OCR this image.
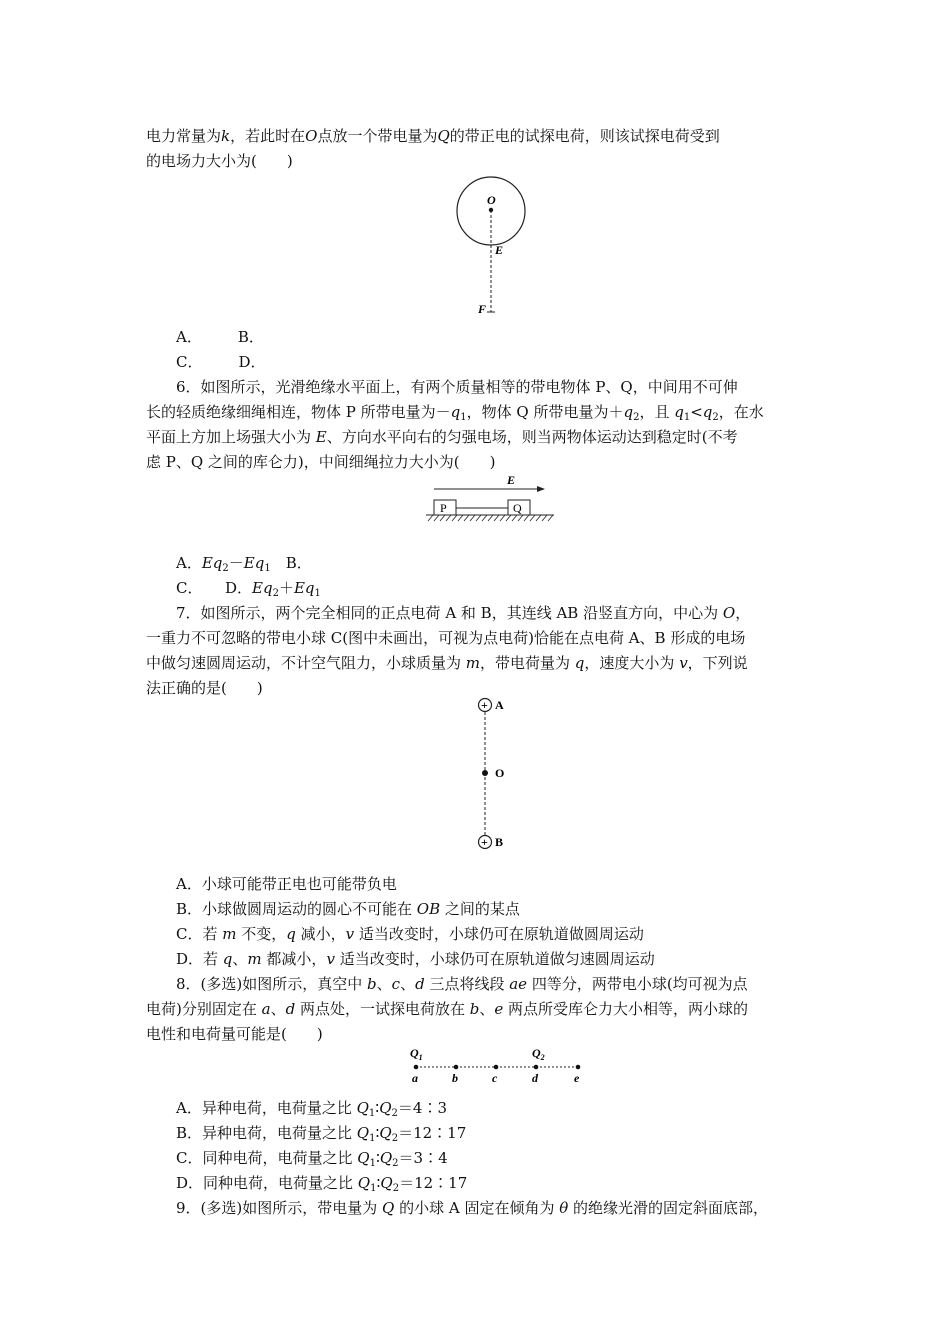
电力常量为k，若此时在O点放一个带电量为Q的带正电的试探电荷，则该试探电荷受到
的电场力大小为(　　)
O
E
F
A． B．
C． D．
6．如图所示，光滑绝缘水平面上，有两个质量相等的带电物体 P、Q，中间用不可伸
长的轻质绝缘细绳相连，物体 P 所带电量为$-q_1$，物体 Q 所带电量为$+q_2$，且 $q_1<q_2$，在水
平面上方加上场强大小为 E、方向水平向右的匀强电场，则当两物体运动达到稳定时(不考
虑 P、Q 之间的库仑力)，中间细绳拉力大小为(　　)
E
P	Q
A．$Eq_2-Eq_1$　B．
C．　　D．$Eq_2+Eq_1$
7．如图所示，两个完全相同的正点电荷 A 和 B，其连线 AB 沿竖直方向，中心为 O，
一重力不可忽略的带电小球 C(图中未画出，可视为点电荷)恰能在点电荷 A、B 形成的电场
中做匀速圆周运动，不计空气阻力，小球质量为 m，带电荷量为 q，速度大小为 v，下列说
法正确的是(　　)
+ A
O
+ B
A．小球可能带正电也可能带负电
B．小球做圆周运动的圆心不可能在 OB 之间的某点
C．若 m 不变，q 减小，v 适当改变时，小球仍可在原轨道做圆周运动
D．若 q、m 都减小，v 适当改变时，小球仍可在原轨道做匀速圆周运动
8．(多选)如图所示，真空中 b、c、d 三点将线段 ae 四等分，两带电小球(均可视为点
电荷)分别固定在 a、d 两点处，一试探电荷放在 b、e 两点所受库仑力大小相等，两小球的
电性和电荷量可能是(　　)
$Q_1$	$Q_2$
a	b	c	d	e
A．异种电荷，电荷量之比 $Q_1∶Q_2=4∶3$
B．异种电荷，电荷量之比 $Q_1∶Q_2=12∶17$
C．同种电荷，电荷量之比 $Q_1∶Q_2=3∶4$
D．同种电荷，电荷量之比 $Q_1∶Q_2=12∶17$
9．(多选)如图所示，带电量为 Q 的小球 A 固定在倾角为 θ 的绝缘光滑的固定斜面底部，
